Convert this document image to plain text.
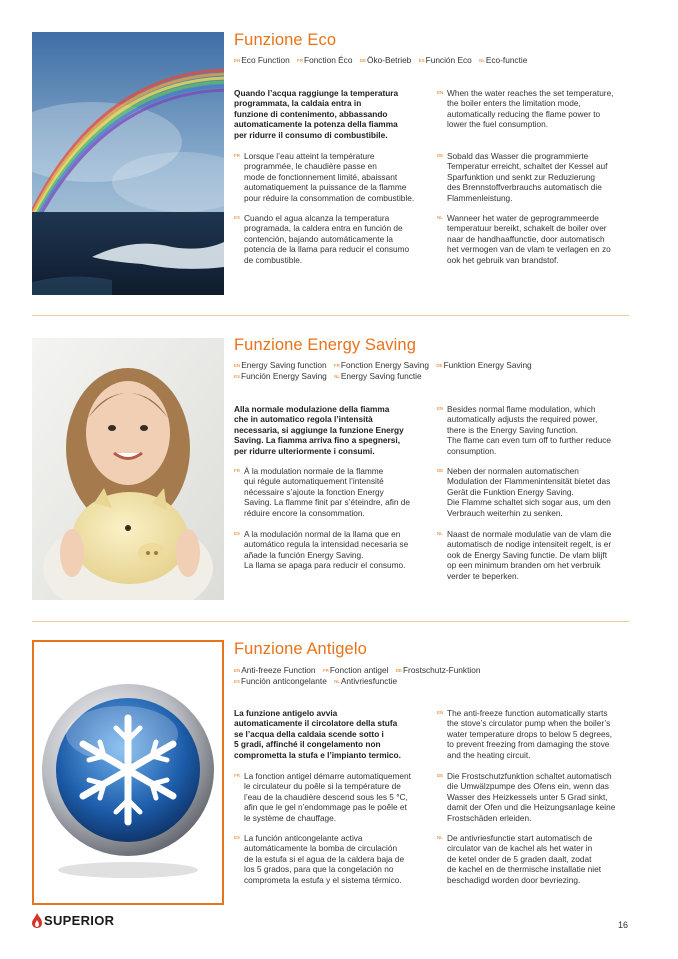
Funzione Eco
$^{EN}$Eco Function $^{FR}$Fonction Éco $^{DE}$Öko-Betrieb $^{ES}$Función Eco $^{NL}$Eco-functie

Quando l’acqua raggiunge la temperatura
programmata, la caldaia entra in
funzione di contenimento, abbassando
automaticamente la potenza della fiamma
per ridurre il consumo di combustibile.

FR Lorsque l’eau atteint la température
programmée, le chaudière passe en
mode de fonctionnement limité, abaissant
automatiquement la puissance de la flamme
pour réduire la consommation de combustible.

ES Cuando el agua alcanza la temperatura
programada, la caldera entra en función de
contención, bajando automáticamente la
potencia de la llama para reducir el consumo
de combustible.

EN When the water reaches the set temperature,
the boiler enters the limitation mode,
automatically reducing the flame power to
lower the fuel consumption.

DE Sobald das Wasser die programmierte
Temperatur erreicht, schaltet der Kessel auf
Sparfunktion und senkt zur Reduzierung
des Brennstoffverbrauchs automatisch die
Flammenleistung.

NL Wanneer het water de geprogrammeerde
temperatuur bereikt, schakelt de boiler over
naar de handhaaffunctie, door automatisch
het vermogen van de vlam te verlagen en zo
ook het gebruik van brandstof.

Funzione Energy Saving
$^{EN}$Energy Saving function $^{FR}$Fonction Energy Saving $^{DE}$Funktion Energy Saving
$^{ES}$Función Energy Saving $^{NL}$Energy Saving functie

Alla normale modulazione della fiamma
che in automatico regola l’intensità
necessaria, si aggiunge la funzione Energy
Saving. La fiamma arriva fino a spegnersi,
per ridurre ulteriormente i consumi.

FR À la modulation normale de la flamme
qui régule automatiquement l’intensité
nécessaire s’ajoute la fonction Energy
Saving. La flamme finit par s’éteindre, afin de
réduire encore la consommation.

ES A la modulación normal de la llama que en
automático regula la intensidad necesaria se
añade la función Energy Saving.
La llama se apaga para reducir el consumo.

EN Besides normal flame modulation, which
automatically adjusts the required power,
there is the Energy Saving function.
The flame can even turn off to further reduce
consumption.

DE Neben der normalen automatischen
Modulation der Flammenintensität bietet das
Gerät die Funktion Energy Saving.
Die Flamme schaltet sich sogar aus, um den
Verbrauch weiterhin zu senken.

NL Naast de normale modulatie van de vlam die
automatisch de nodige intensiteit regelt, is er
ook de Energy Saving functie. De vlam blijft
op een minimum branden om het verbruik
verder te beperken.

Funzione Antigelo
$^{EN}$Anti-freeze Function $^{FR}$Fonction antigel $^{DE}$Frostschutz-Funktion
$^{ES}$Función anticongelante $^{NL}$Antivriesfunctie

La funzione antigelo avvia
automaticamente il circolatore della stufa
se l’acqua della caldaia scende sotto i
5 gradi, affinché il congelamento non
comprometta la stufa e l’impianto termico.

FR La fonction antigel démarre automatiquement
le circulateur du poêle si la température de
l’eau de la chaudière descend sous les 5 °C,
afin que le gel n’endommage pas le poêle et
le système de chauffage.

ES La función anticongelante activa
automáticamente la bomba de circulación
de la estufa si el agua de la caldera baja de
los 5 grados, para que la congelación no
comprometa la estufa y el sistema térmico.

EN The anti-freeze function automatically starts
the stove’s circulator pump when the boiler’s
water temperature drops to below 5 degrees,
to prevent freezing from damaging the stove
and the heating circuit.

DE Die Frostschutzfunktion schaltet automatisch
die Umwälzpumpe des Ofens ein, wenn das
Wasser des Heizkessels unter 5 Grad sinkt,
damit der Ofen und die Heizungsanlage keine
Frostschäden erleiden.

NL De antivriesfunctie start automatisch de
circulator van de kachel als het water in
de ketel onder de 5 graden daalt, zodat
de kachel en de thermische installatie niet
beschadigd worden door bevriezing.

SUPERIOR	16
